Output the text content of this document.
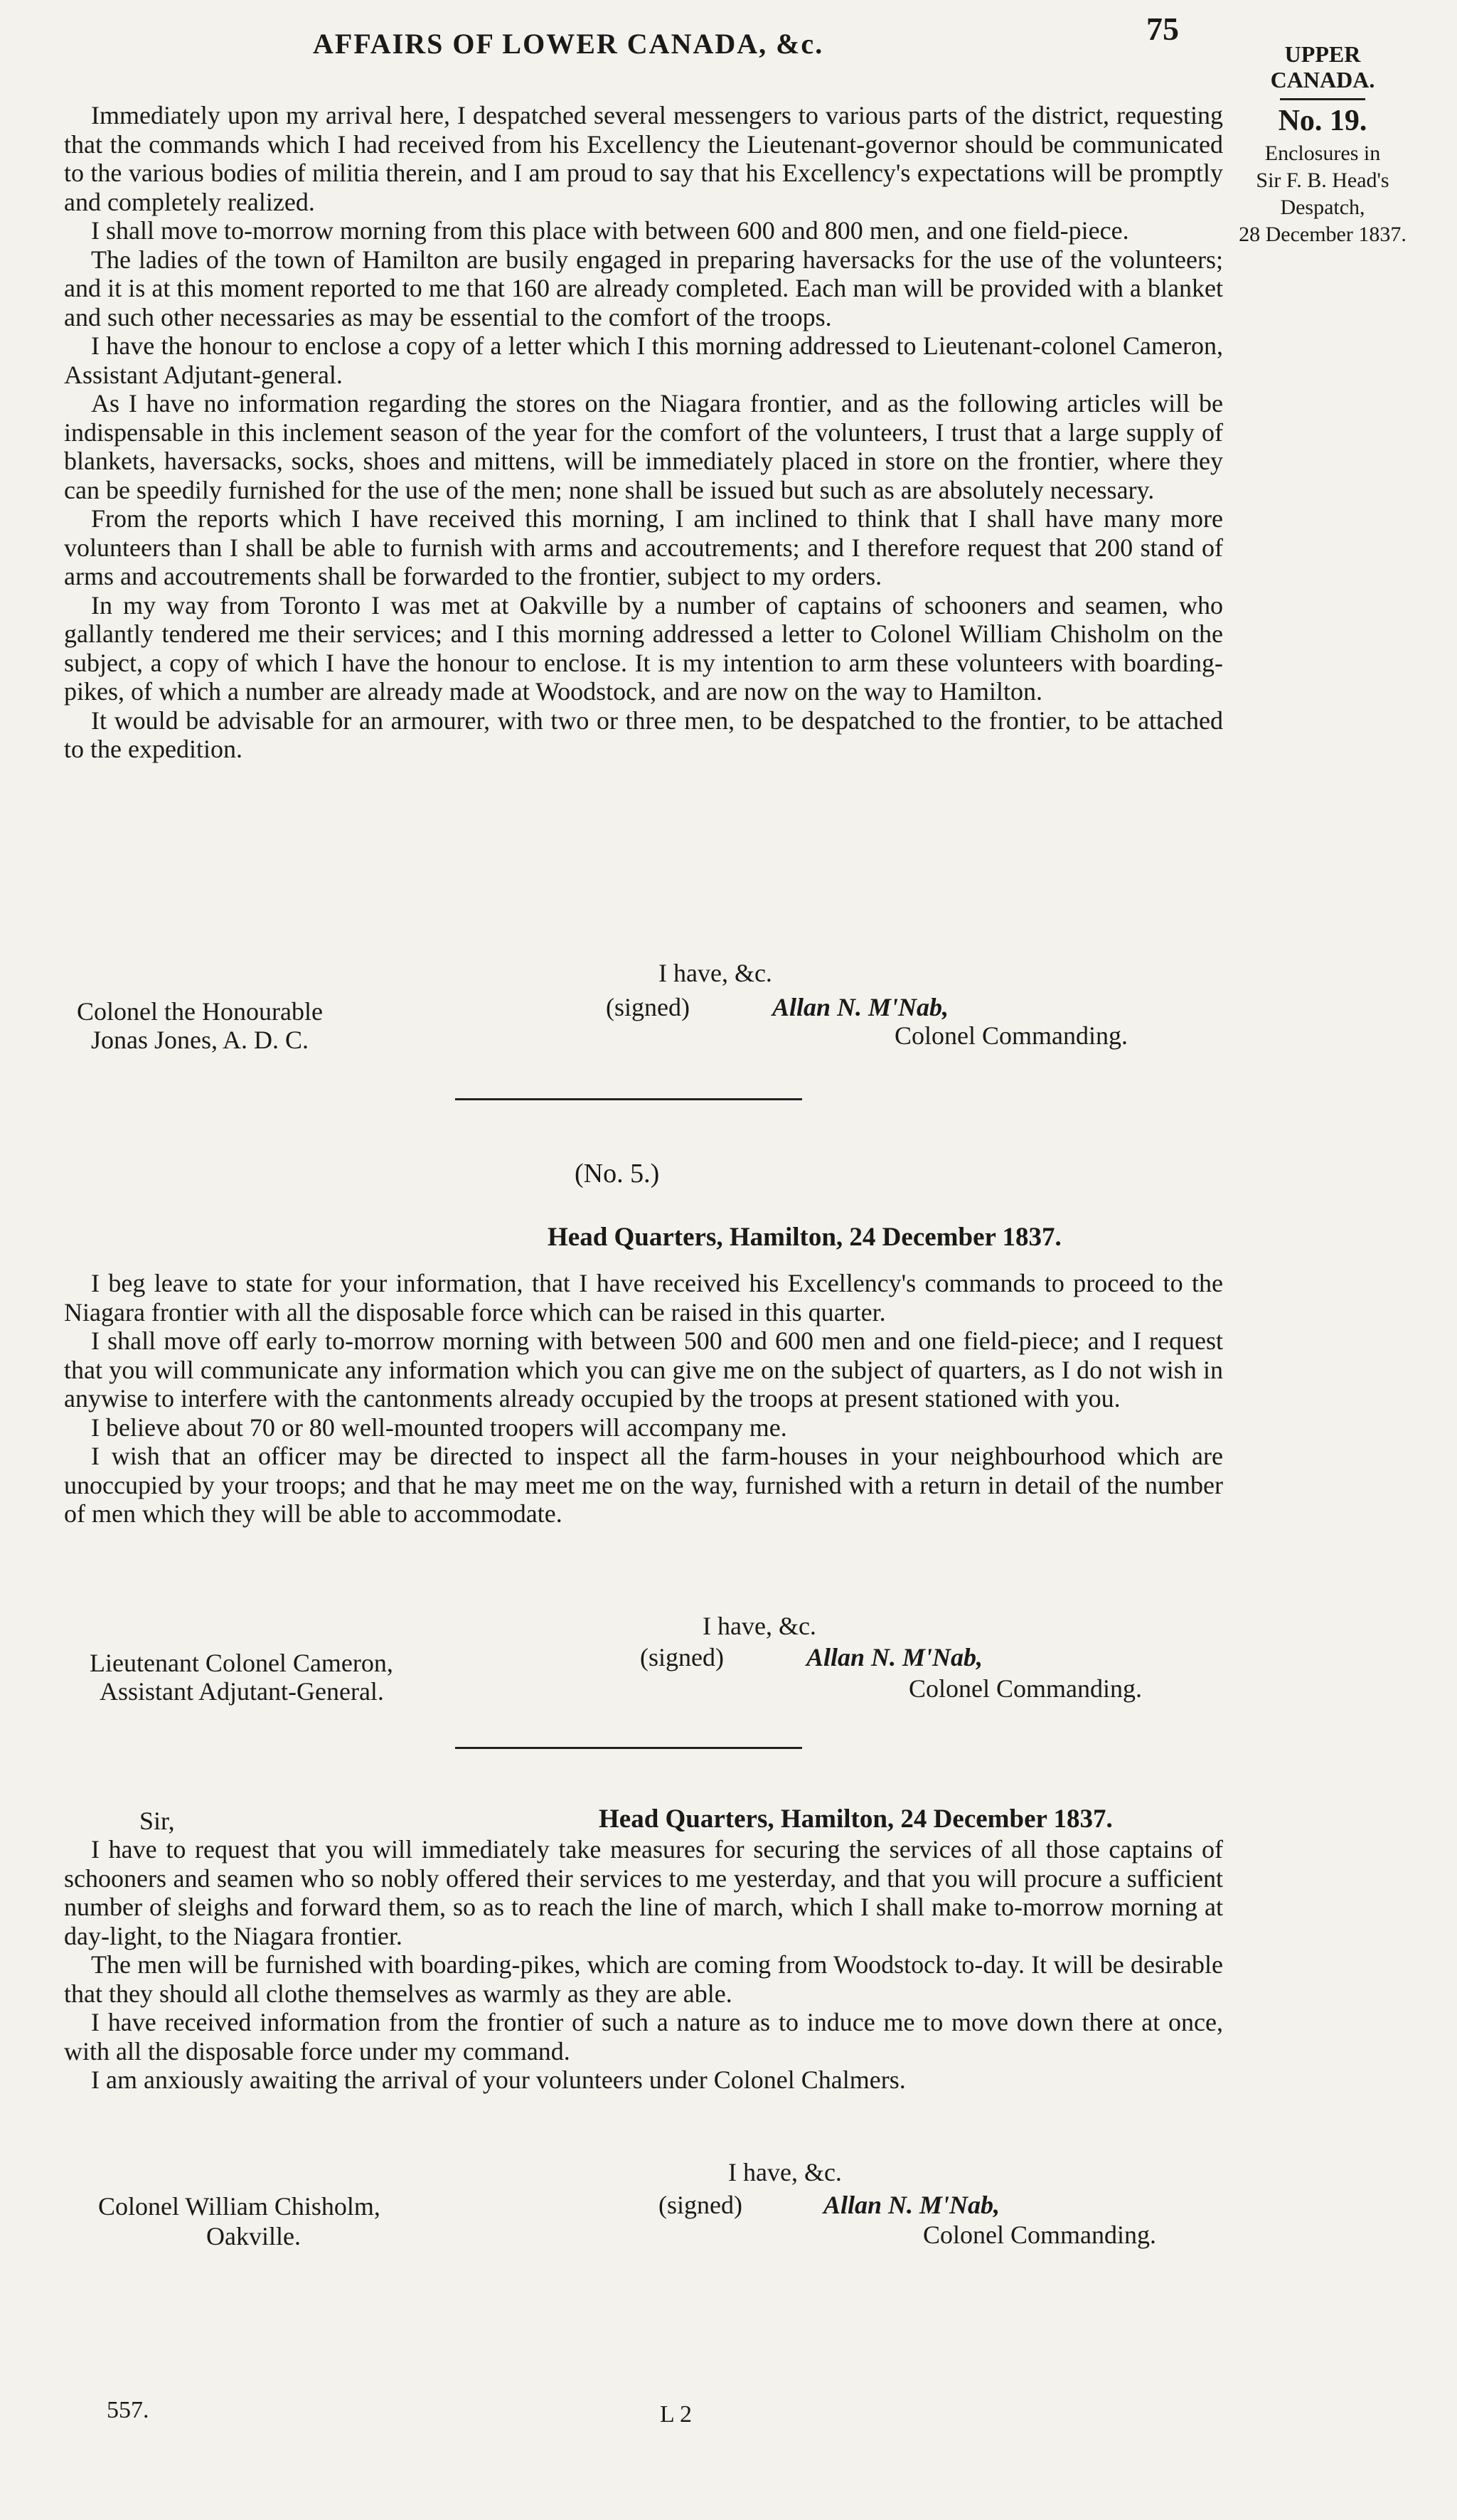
AFFAIRS OF LOWER CANADA, &c.	75
UPPER
CANADA.
No. 19.
Enclosures in
Sir F. B. Head's
Despatch,
28 December 1837.

Immediately upon my arrival here, I despatched several messengers to various parts of the district, requesting that the commands which I had received from his Excellency the Lieutenant-governor should be communicated to the various bodies of militia therein, and I am proud to say that his Excellency's expectations will be promptly and completely realized.

I shall move to-morrow morning from this place with between 600 and 800 men, and one field-piece.

The ladies of the town of Hamilton are busily engaged in preparing haversacks for the use of the volunteers; and it is at this moment reported to me that 160 are already completed. Each man will be provided with a blanket and such other necessaries as may be essential to the comfort of the troops.

I have the honour to enclose a copy of a letter which I this morning addressed to Lieutenant-colonel Cameron, Assistant Adjutant-general.

As I have no information regarding the stores on the Niagara frontier, and as the following articles will be indispensable in this inclement season of the year for the comfort of the volunteers, I trust that a large supply of blankets, haversacks, socks, shoes and mittens, will be immediately placed in store on the frontier, where they can be speedily furnished for the use of the men; none shall be issued but such as are absolutely necessary.

From the reports which I have received this morning, I am inclined to think that I shall have many more volunteers than I shall be able to furnish with arms and accoutrements; and I therefore request that 200 stand of arms and accoutrements shall be forwarded to the frontier, subject to my orders.

In my way from Toronto I was met at Oakville by a number of captains of schooners and seamen, who gallantly tendered me their services; and I this morning addressed a letter to Colonel William Chisholm on the subject, a copy of which I have the honour to enclose. It is my intention to arm these volunteers with boarding-pikes, of which a number are already made at Woodstock, and are now on the way to Hamilton.

It would be advisable for an armourer, with two or three men, to be despatched to the frontier, to be attached to the expedition.

I have, &c.
(signed)	Allan N. M'Nab,
Colonel Commanding.
Colonel the Honourable
Jonas Jones, A. D. C.
(No. 5.)
Head Quarters, Hamilton, 24 December 1837.

I beg leave to state for your information, that I have received his Excellency's commands to proceed to the Niagara frontier with all the disposable force which can be raised in this quarter.

I shall move off early to-morrow morning with between 500 and 600 men and one field-piece; and I request that you will communicate any information which you can give me on the subject of quarters, as I do not wish in anywise to interfere with the cantonments already occupied by the troops at present stationed with you.

I believe about 70 or 80 well-mounted troopers will accompany me.

I wish that an officer may be directed to inspect all the farm-houses in your neighbourhood which are unoccupied by your troops; and that he may meet me on the way, furnished with a return in detail of the number of men which they will be able to accommodate.

I have, &c.
(signed)	Allan N. M'Nab,
Colonel Commanding.
Lieutenant Colonel Cameron,
Assistant Adjutant-General.
Sir,	Head Quarters, Hamilton, 24 December 1837.

I have to request that you will immediately take measures for securing the services of all those captains of schooners and seamen who so nobly offered their services to me yesterday, and that you will procure a sufficient number of sleighs and forward them, so as to reach the line of march, which I shall make to-morrow morning at day-light, to the Niagara frontier.

The men will be furnished with boarding-pikes, which are coming from Woodstock to-day. It will be desirable that they should all clothe themselves as warmly as they are able.

I have received information from the frontier of such a nature as to induce me to move down there at once, with all the disposable force under my command.

I am anxiously awaiting the arrival of your volunteers under Colonel Chalmers.

I have, &c.
(signed)	Allan N. M'Nab,
Colonel Commanding.
Colonel William Chisholm,
Oakville.
557.	L 2
